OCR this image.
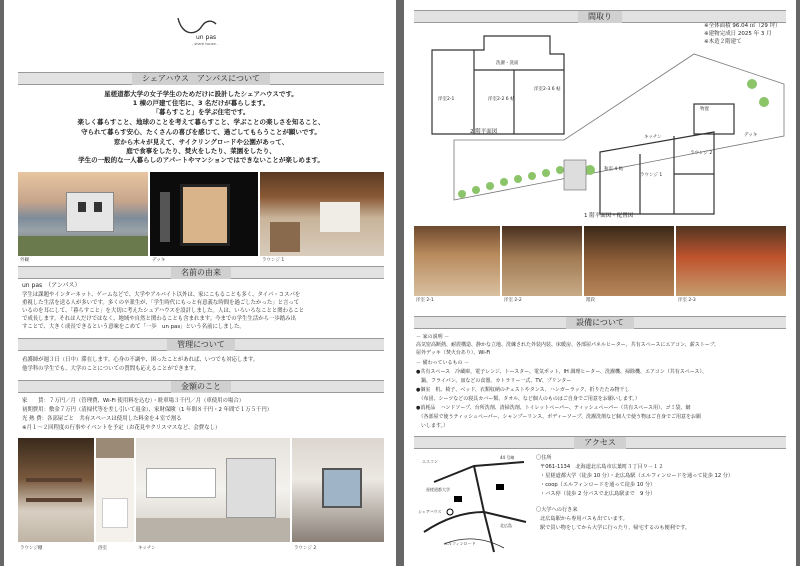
un pas
- share house -
シェアハウス　アンパスについて
星槎道都大学の女子学生のためだけに設計したシェアハウスです。
1 棟の戸建て住宅に、3 名だけが暮らします。
「暮らすこと」を学ぶ住宅です。
楽しく暮らすこと、地球のことを考えて暮らすこと、学ぶことの楽しさを知ること、
守られて暮らす安心、たくさんの喜びを感じて、過ごしてもらうことが願いです。
窓から木々が見えて、サイクリングロードや公園があって、
庭で食事をしたり、焚火をしたり、菜園をしたり、
学生の一般的な一人暮らしのアパートやマンションではできないことが楽しめます。
外観	デッキ	ラウンジ 1
名前の由来
un pas　（アンパス）
学生は課題やインターネット、ゲームなどで、大学やアルバイト以外は、家にこもることも多く、タイパ・コスパを
重視した生活を送る人が多いです。多くの卒業生が、「学生時代にもっと有意義な時間を過ごしたかった」と言って
いるのを耳にして、「暮らすこと」を大切に考えたシェアハウスを設計しました。人は、いろいろなことと関わること
で成長します。それは人だけではなく、地域や自然と関わることも含まれます。今までの学生生活から一歩踏み出
すことで、大きく成長できるという意味をこめて「一歩　un pas」という名前にしました。
管理について
看護師が週３日（日中）滞在します。心身の不調や、困ったことがあれば、いつでも対応します。
他学科の学生でも、大学のことについての質問も応えることができます。
金額のこと
家　　賃：７万円／月（管理費、Wi-Fi 使用料を込む）・駐車場３千円／月（車使用の場合）
初期費用：敷金７万円（清掃代等を差し引いて返金）、家財保険（1 年間８千円・2 年間で１万５千円）
光 熱 費：各部屋ごと　共有スペースは使用した料金を４室で割る
※月１～２回程度の行事やイベントを予定（お花見やクリスマスなど、会費なし）
ラウンジ棚	浴室	キッチン	ラウンジ 2
間取り
※全体面積 96.04 ㎡（29 坪）
※建物完成日 2025 年 3 月
※木造２階建て
2 階平面図
1 階平面図・配置図
洗濯・洗面
洋室2-1	洋室2-2 6 帖
洋室2-3 6 帖
キッチン
ラウンジ 2
ラウンジ 1
和室 4 帖
デッキ
物置
洋室 2-1	洋室 2-2	階段	洋室 2-3
設備について
－ 家の説明 －
高気密高断熱、耐震構造、静かな立地、洗練された外装内装、床暖房、各部屋パネルヒーター、共有スペースにエアコン、薪ストーブ、
屋外デッキ（焚火台あり）、Wi-Fi
－ 備わっているもの －
●共有スペース　冷蔵庫、電子レンジ、トースター、電気ポット、IH 調理ヒーター、洗濯機、掃除機、エアコン（共有スペース）、
　鍋、フライパン、皿などの食器、カトラリー一式、TV、プリンター
●個室　机、椅子、ベッド、衣類収納のチェストやタンス、ハンガーラック、折りたたみ物干し
　（布団、シーツなどの寝具カバー類、タオル、など個人のものはご自身でご用意をお願いします。）
●消耗品　ハンドソープ、台所洗剤、清掃洗剤、トイレットペーパー、ティッシュペーパー（共有スペース用）、ゴミ袋、網
　（各部屋で使うティッシュペーパー、シャンプーリンス、ボディーソープ、洗濯洗剤など個人で使う物はご自身でご用意をお願
　いします。）
アクセス
エスコン
44 号線
星槎道都大学
シェアハウス
北広島
エルフィンロード
〇住所
〒061-1134　北海道北広島市広葉町３丁目９－１２
・星槎道都大学（徒歩 10 分）・北広島駅（エルフィンロードを通って徒歩 12 分）
・coop（エルフィンロードを通って徒歩 10 分）
・バス停（徒歩 2 分バスで北広島駅まで　9 分）
〇大学への行き来
北広島駅から専用バスも出ています。
駅で買い物をしてから大学に行ったり、帰宅するのも便利です。
